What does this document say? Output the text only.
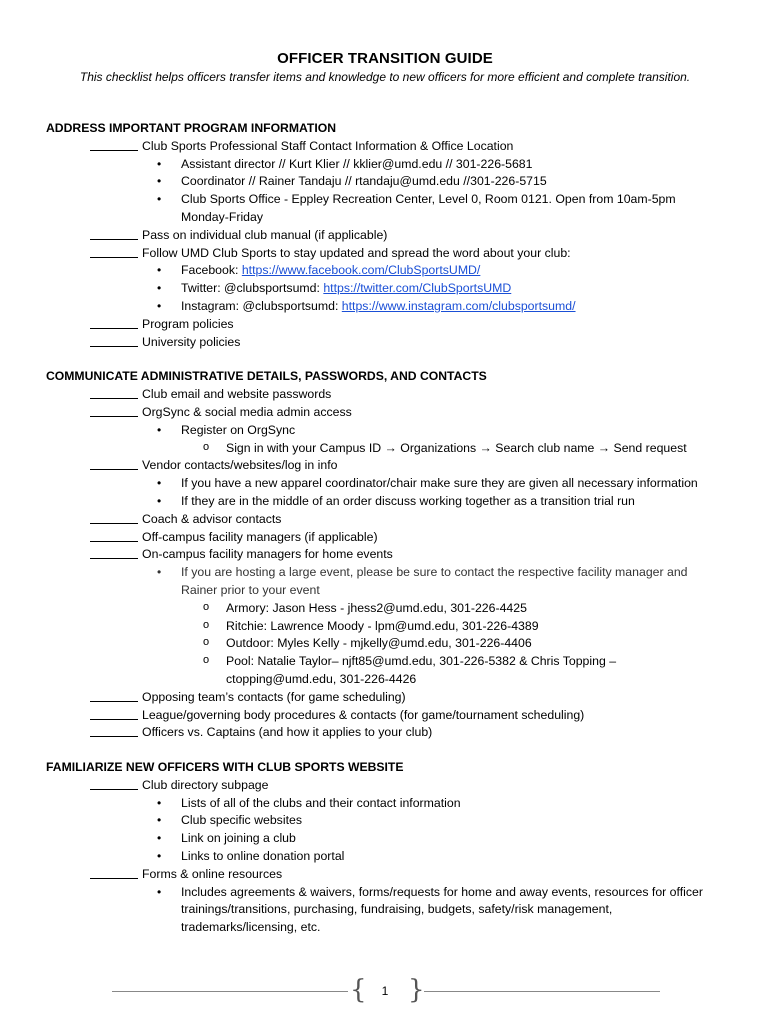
OFFICER TRANSITION GUIDE
This checklist helps officers transfer items and knowledge to new officers for more efficient and complete transition.
ADDRESS IMPORTANT PROGRAM INFORMATION
Club Sports Professional Staff Contact Information & Office Location
• Assistant director // Kurt Klier // kklier@umd.edu // 301-226-5681
• Coordinator // Rainer Tandaju // rtandaju@umd.edu //301-226-5715
• Club Sports Office - Eppley Recreation Center, Level 0, Room 0121. Open from 10am-5pm
Monday-Friday
Pass on individual club manual (if applicable)
Follow UMD Club Sports to stay updated and spread the word about your club:
• Facebook: https://www.facebook.com/ClubSportsUMD/
• Twitter: @clubsportsumd: https://twitter.com/ClubSportsUMD
• Instagram: @clubsportsumd: https://www.instagram.com/clubsportsumd/
Program policies
University policies
COMMUNICATE ADMINISTRATIVE DETAILS, PASSWORDS, AND CONTACTS
Club email and website passwords
OrgSync & social media admin access
• Register on OrgSync
o Sign in with your Campus ID → Organizations → Search club name → Send request
Vendor contacts/websites/log in info
• If you have a new apparel coordinator/chair make sure they are given all necessary information
• If they are in the middle of an order discuss working together as a transition trial run
Coach & advisor contacts
Off-campus facility managers (if applicable)
On-campus facility managers for home events
• If you are hosting a large event, please be sure to contact the respective facility manager and
Rainer prior to your event
o Armory: Jason Hess - jhess2@umd.edu, 301-226-4425
o Ritchie: Lawrence Moody - lpm@umd.edu, 301-226-4389
o Outdoor: Myles Kelly - mjkelly@umd.edu, 301-226-4406
o Pool: Natalie Taylor– njft85@umd.edu, 301-226-5382 & Chris Topping –
ctopping@umd.edu, 301-226-4426
Opposing team’s contacts (for game scheduling)
League/governing body procedures & contacts (for game/tournament scheduling)
Officers vs. Captains (and how it applies to your club)
FAMILIARIZE NEW OFFICERS WITH CLUB SPORTS WEBSITE
Club directory subpage
• Lists of all of the clubs and their contact information
• Club specific websites
• Link on joining a club
• Links to online donation portal
Forms & online resources
• Includes agreements & waivers, forms/requests for home and away events, resources for officer
trainings/transitions, purchasing, fundraising, budgets, safety/risk management,
trademarks/licensing, etc.
{ }
1
